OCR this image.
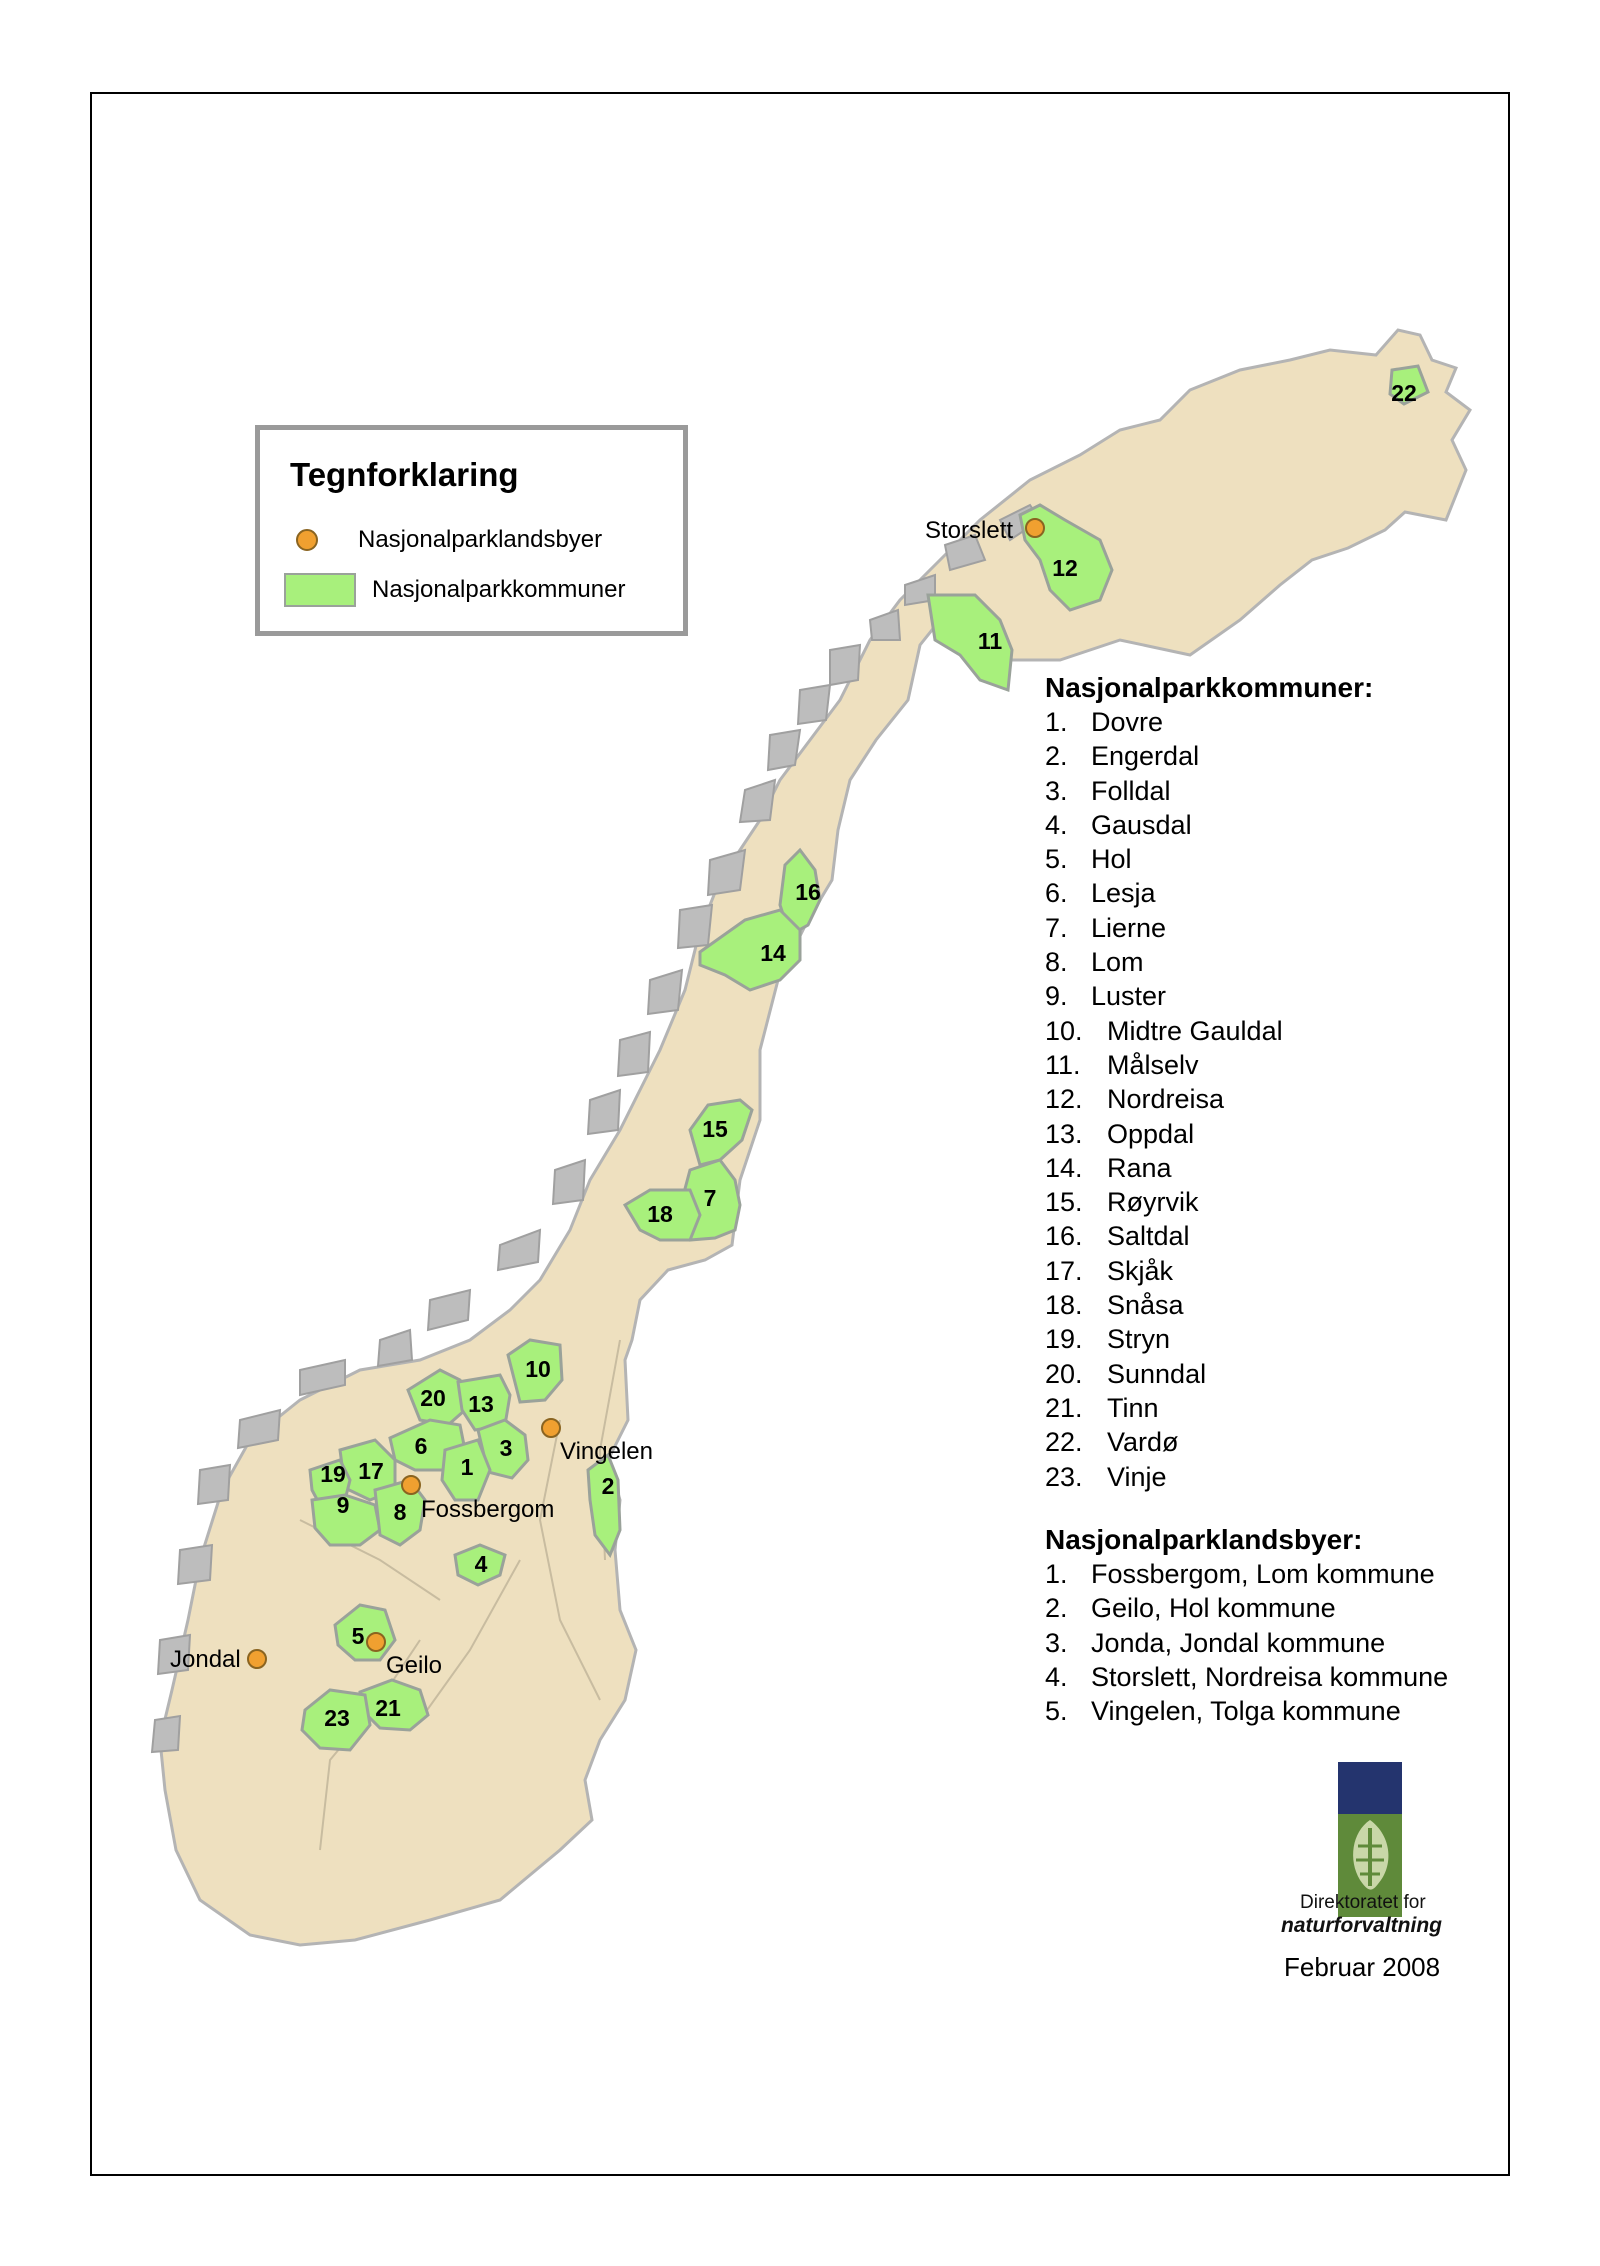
22
12
11
16
14
15
7
18
10
20 13
6	3
1
17
19
9 8
2
4
5
21
23
Storslett
Vingelen
Fossbergom
Jondal	Geilo
Tegnforklaring
Nasjonalparklandsbyer
Nasjonalparkkommuner
Nasjonalparkkommuner:
1. Dovre
2. Engerdal
3. Folldal
4. Gausdal
5. Hol
6. Lesja
7. Lierne
8. Lom
9. Luster
10. Midtre Gauldal
11. Målselv
12. Nordreisa
13. Oppdal
14. Rana
15. Røyrvik
16. Saltdal
17. Skjåk
18. Snåsa
19. Stryn
20. Sunndal
21. Tinn
22. Vardø
23. Vinje
Nasjonalparklandsbyer:
1. Fossbergom, Lom kommune
2. Geilo, Hol kommune
3. Jonda, Jondal kommune
4. Storslett, Nordreisa kommune
5. Vingelen, Tolga kommune
Direktoratet for
naturforvaltning
Februar 2008
